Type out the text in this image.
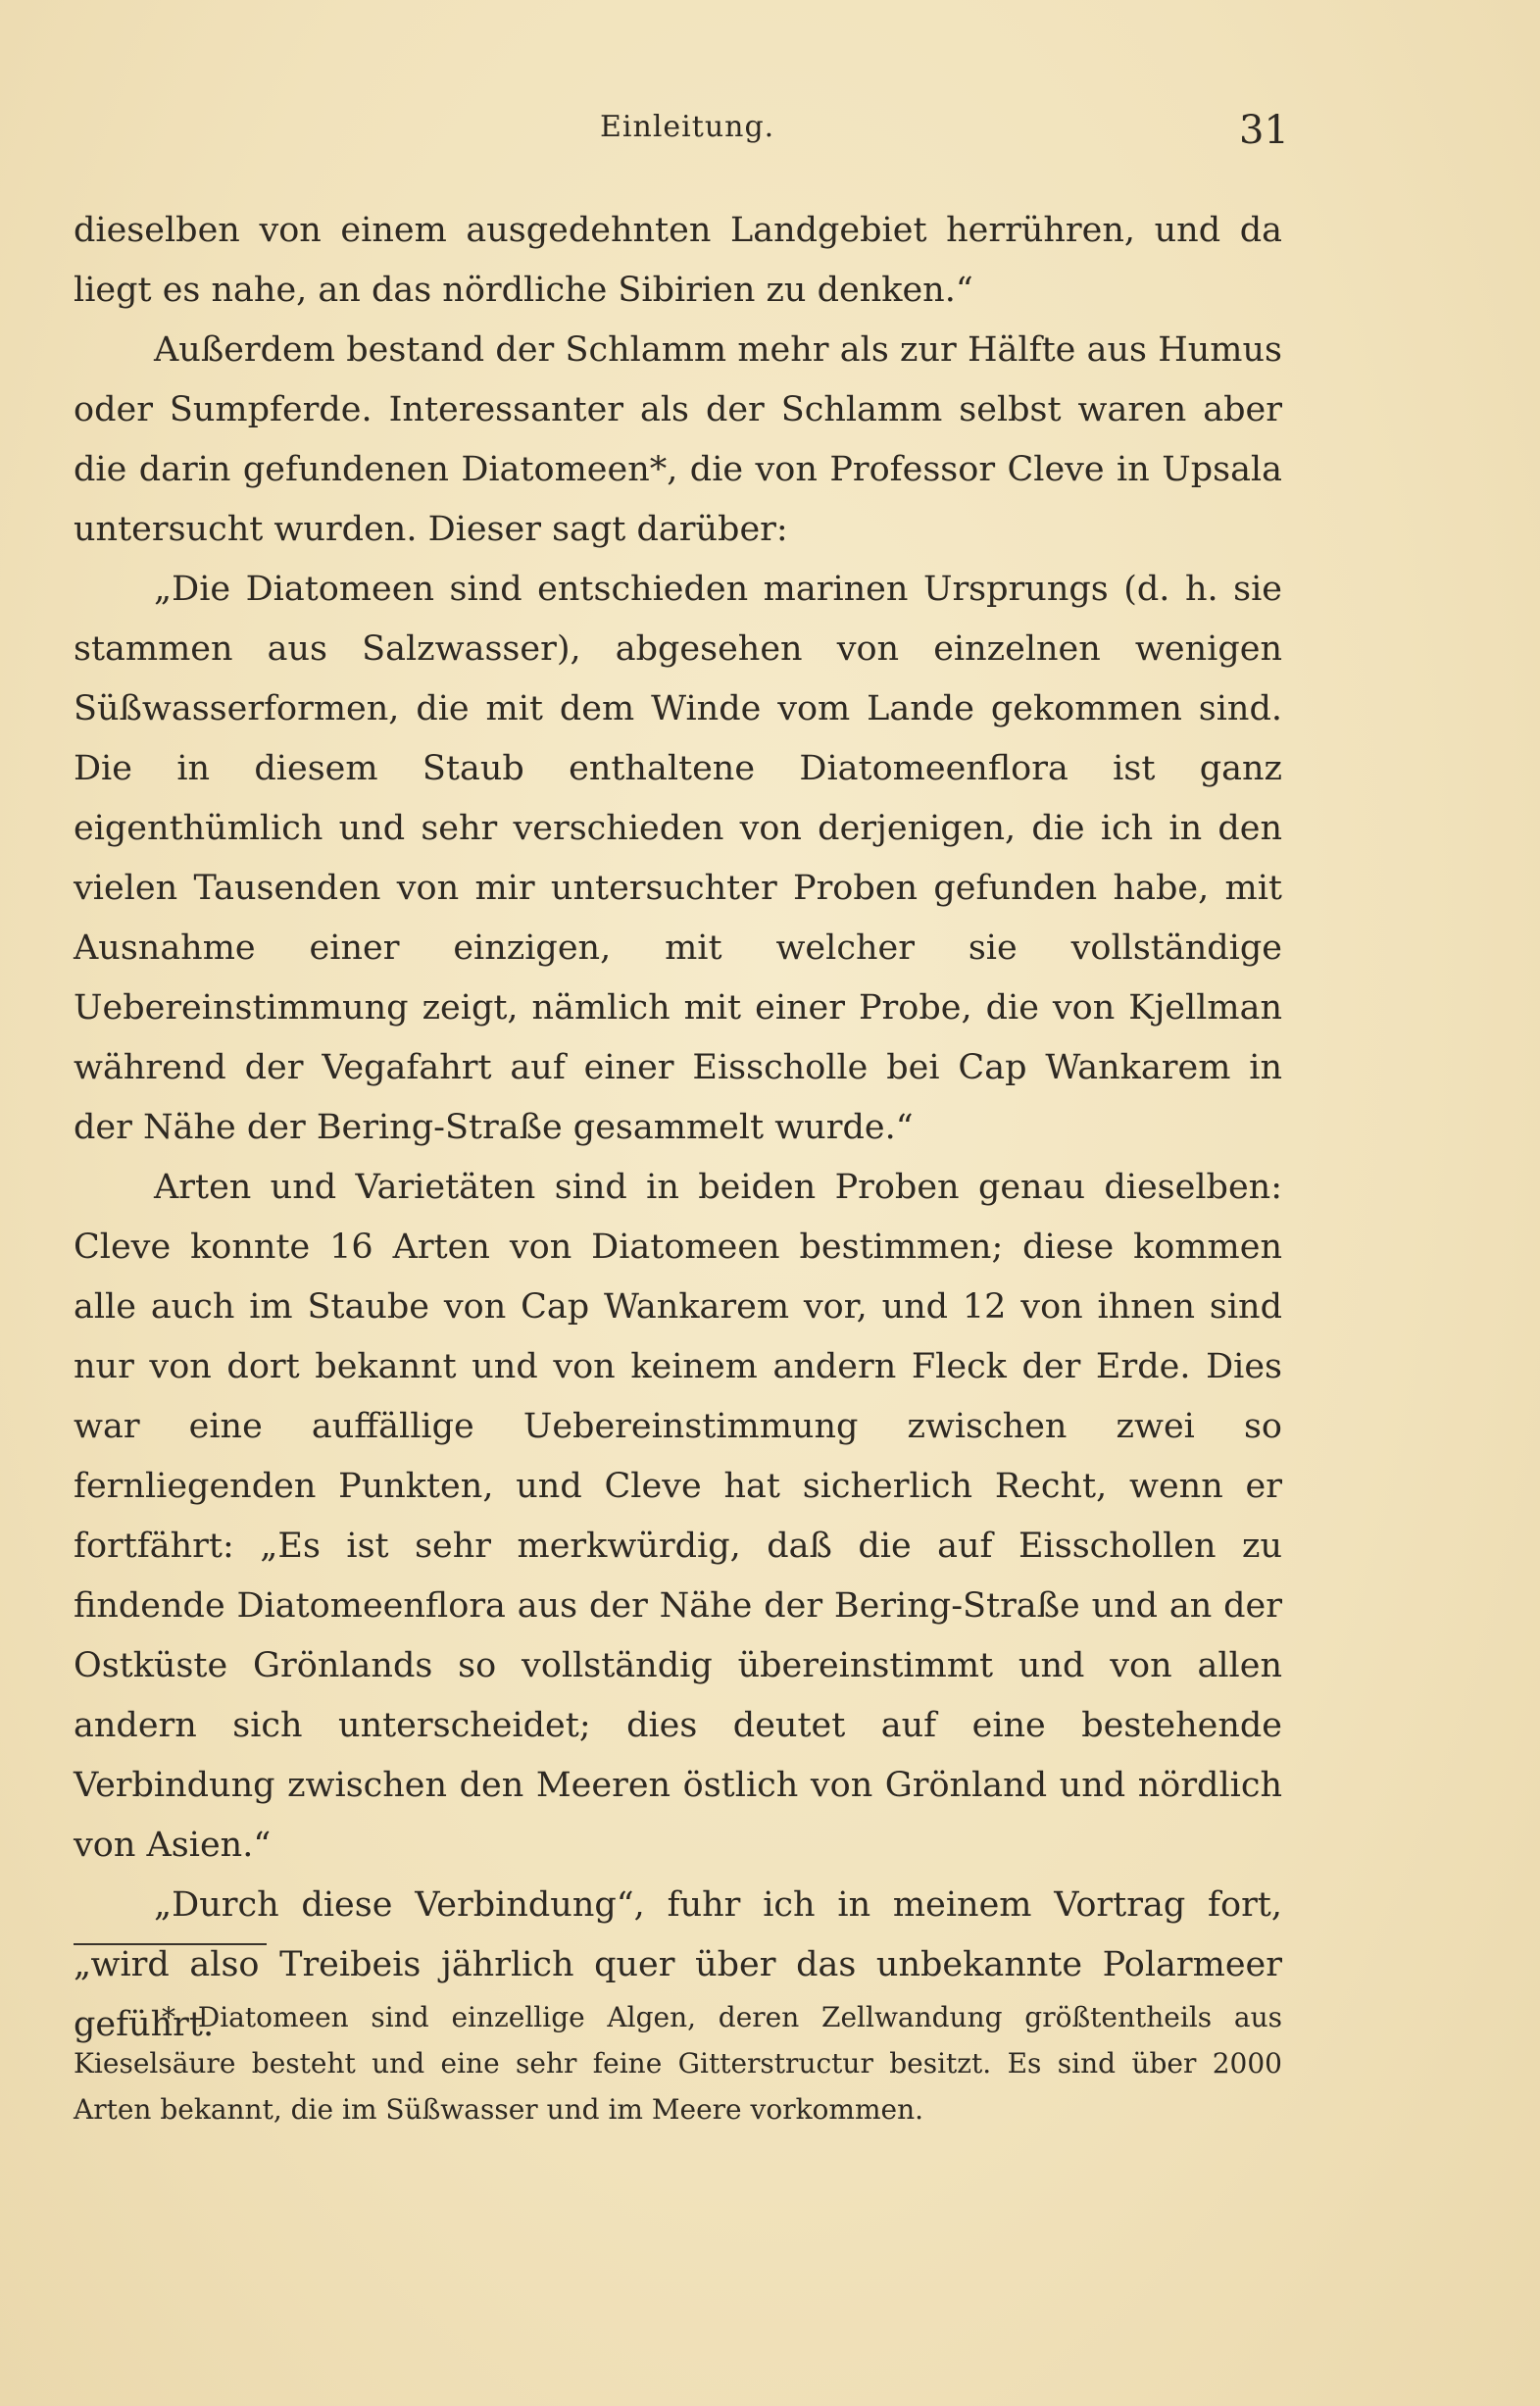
Einleitung.	31

dieselben von einem ausgedehnten Landgebiet herrühren, und da liegt es nahe, an das nördliche Sibirien zu denken.“

Außerdem bestand der Schlamm mehr als zur Hälfte aus Humus oder Sumpferde. Interessanter als der Schlamm selbst waren aber die darin gefundenen Diatomeen*, die von Professor Cleve in Upsala untersucht wurden. Dieser sagt darüber:

„Die Diatomeen sind entschieden marinen Ursprungs (d. h. sie stammen aus Salzwasser), abgesehen von einzelnen wenigen Süßwasserformen, die mit dem Winde vom Lande gekommen sind. Die in diesem Staub enthaltene Diatomeenflora ist ganz eigenthümlich und sehr verschieden von derjenigen, die ich in den vielen Tausenden von mir untersuchter Proben gefunden habe, mit Ausnahme einer einzigen, mit welcher sie vollständige Uebereinstimmung zeigt, nämlich mit einer Probe, die von Kjellman während der Vegafahrt auf einer Eisscholle bei Cap Wankarem in der Nähe der Bering-Straße gesammelt wurde.“

Arten und Varietäten sind in beiden Proben genau dieselben: Cleve konnte 16 Arten von Diatomeen bestimmen; diese kommen alle auch im Staube von Cap Wankarem vor, und 12 von ihnen sind nur von dort bekannt und von keinem andern Fleck der Erde. Dies war eine auffällige Uebereinstimmung zwischen zwei so fernliegenden Punkten, und Cleve hat sicherlich Recht, wenn er fortfährt: „Es ist sehr merkwürdig, daß die auf Eisschollen zu findende Diatomeenflora aus der Nähe der Bering-Straße und an der Ostküste Grönlands so vollständig übereinstimmt und von allen andern sich unterscheidet; dies deutet auf eine bestehende Verbindung zwischen den Meeren östlich von Grönland und nördlich von Asien.“

„Durch diese Verbindung“, fuhr ich in meinem Vortrag fort, „wird also Treibeis jährlich quer über das unbekannte Polarmeer geführt.

* Diatomeen sind einzellige Algen, deren Zellwandung größtentheils aus Kieselsäure besteht und eine sehr feine Gitterstructur besitzt. Es sind über 2000 Arten bekannt, die im Süßwasser und im Meere vorkommen.
